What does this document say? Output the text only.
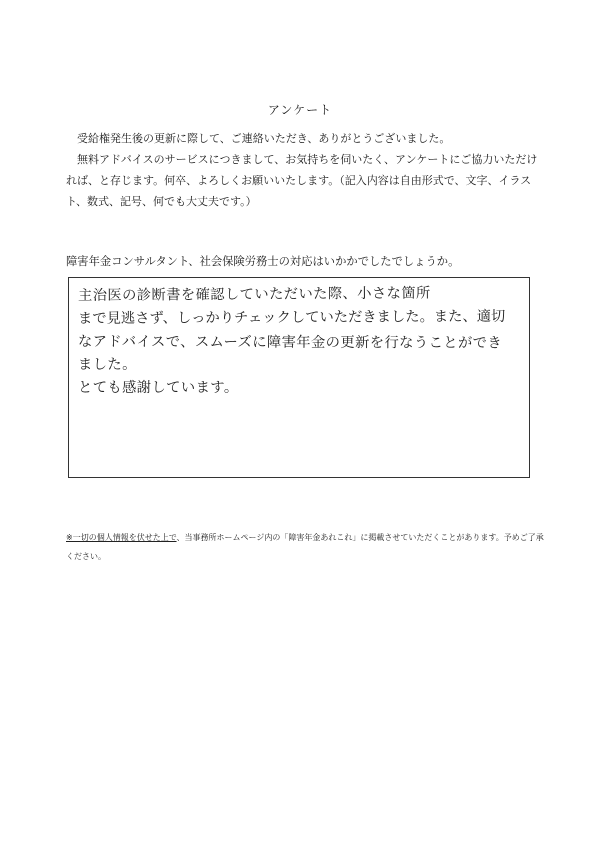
アンケート

受給権発生後の更新に際して、ご連絡いただき、ありがとうございました。

無料アドバイスのサービスにつきまして、お気持ちを伺いたく、アンケートにご協力いただければ、と存じます。何卒、よろしくお願いいたします。（記入内容は自由形式で、文字、イラスト、数式、記号、何でも大丈夫です。）

障害年金コンサルタント、社会保険労務士の対応はいかかでしたでしょうか。
主治医の診断書を確認していただいた際、小さな箇所
まで見逃さず、しっかりチェックしていただきました。また、適切
なアドバイスで、スムーズに障害年金の更新を行なうことができ
ました。
とても感謝しています。
※一切の個人情報を伏せた上で、当事務所ホームページ内の「障害年金あれこれ」に掲載させていただくことがあります。予めご了承ください。
